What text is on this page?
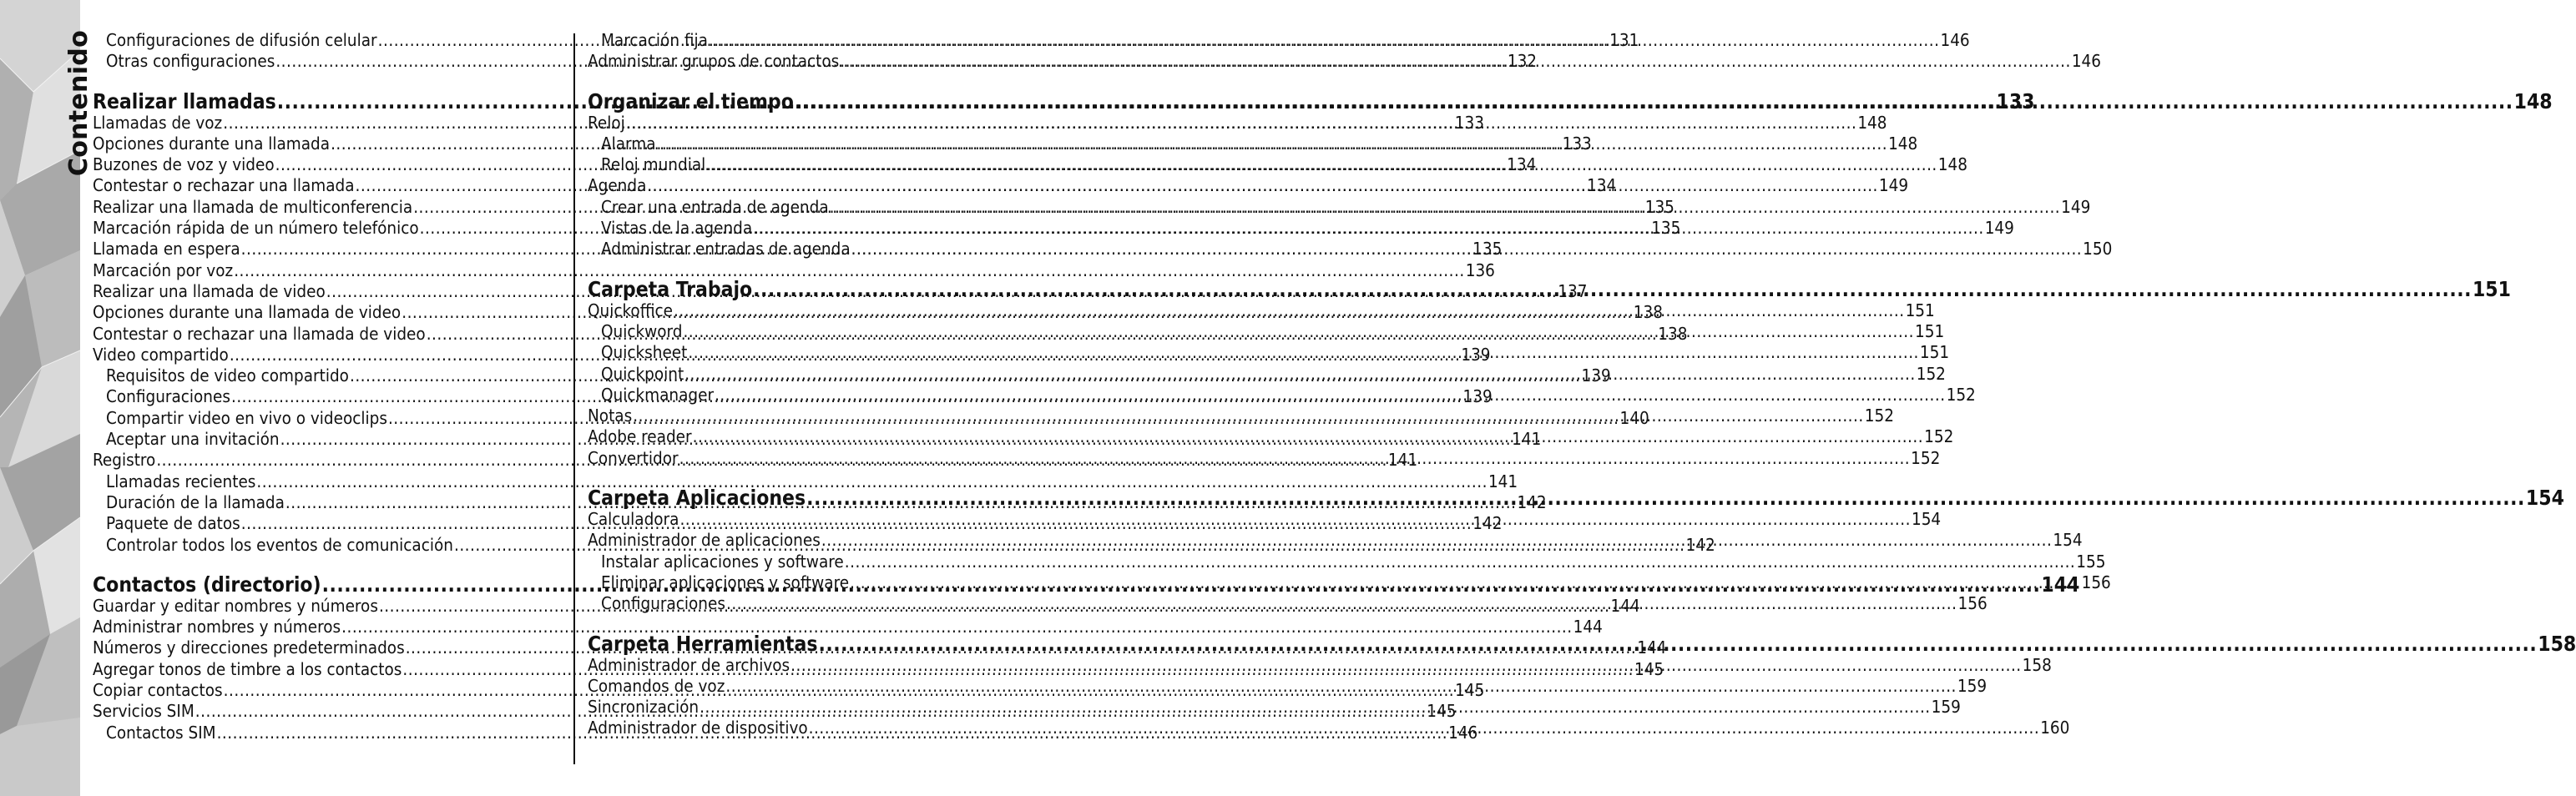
Contenido Configuraciones de difusión celular .....	131
Otras configuraciones .....	132
Realizar llamadas .....	133
Llamadas de voz .....	133
Opciones durante una llamada .....	133
Buzones de voz y video .....	134
Contestar o rechazar una llamada .....	134
Realizar una llamada de multiconferencia .....	135
Marcación rápida de un número telefónico .....	135
Llamada en espera .....	135
Marcación por voz .....	136
Realizar una llamada de video .....	137
Opciones durante una llamada de video .....	138
Contestar o rechazar una llamada de video .....	138
Video compartido .....	139
Requisitos de video compartido .....	139
Configuraciones .....	139
Compartir video en vivo o videoclips .....	140
Aceptar una invitación .....	141
Registro .....	141
Llamadas recientes .....	141
Duración de la llamada .....	142
Paquete de datos .....	142
Controlar todos los eventos de comunicación .....	142
Contactos (directorio) .....	144
Guardar y editar nombres y números .....	144
Administrar nombres y números .....	144
Números y direcciones predeterminados .....	144
Agregar tonos de timbre a los contactos .....	145
Copiar contactos .....	145
Servicios SIM .....	145
Contactos SIM .....	146
Marcación fija .....	146
Administrar grupos de contactos .....	146
Organizar el tiempo .....	148
Reloj .....	148
Alarma .....	148
Reloj mundial .....	148
Agenda .....	149
Crear una entrada de agenda .....	149
Vistas de la agenda .....	149
Administrar entradas de agenda .....	150
Carpeta Trabajo .....	151
Quickoffice .....	151
Quickword .....	151
Quicksheet .....	151
Quickpoint .....	152
Quickmanager .....	152
Notas .....	152
Adobe reader .....	152
Convertidor .....	152
Carpeta Aplicaciones .....	154
Calculadora .....	154
Administrador de aplicaciones .....	154
Instalar aplicaciones y software .....	155
Eliminar aplicaciones y software .....	156
Configuraciones .....	156
Carpeta Herramientas .....	158
Administrador de archivos .....	158
Comandos de voz .....	159
Sincronización .....	159
Administrador de dispositivo .....	160
